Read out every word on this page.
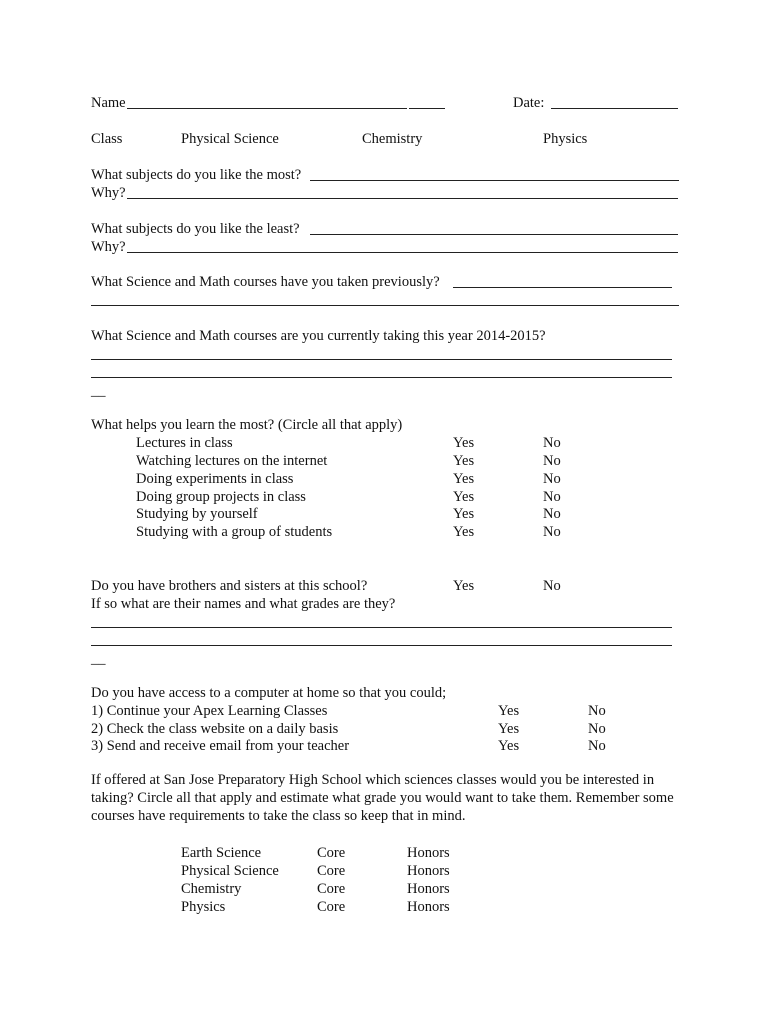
Name	Date:
Class	Physical Science	Chemistry	Physics
What subjects do you like the most?
Why?
What subjects do you like the least?
Why?
What Science and Math courses have you taken previously?
What Science and Math courses are you currently taking this year 2014-2015?
__
What helps you learn the most? (Circle all that apply)
Lectures in class	Yes	No
Watching lectures on the internet	Yes	No
Doing experiments in class	Yes	No
Doing group projects in class	Yes	No
Studying by yourself	Yes	No
Studying with a group of students	Yes	No
Do you have brothers and sisters at this school?	Yes	No
If so what are their names and what grades are they?
__
Do you have access to a computer at home so that you could;
1) Continue your Apex Learning Classes	Yes	No
2) Check the class website on a daily basis	Yes	No
3) Send and receive email from your teacher	Yes	No
If offered at San Jose Preparatory High School which sciences classes would you be interested in taking? Circle all that apply and estimate what grade you would want to take them. Remember some courses have requirements to take the class so keep that in mind.
Earth Science	Core	Honors
Physical Science	Core	Honors
Chemistry	Core	Honors
Physics	Core	Honors
